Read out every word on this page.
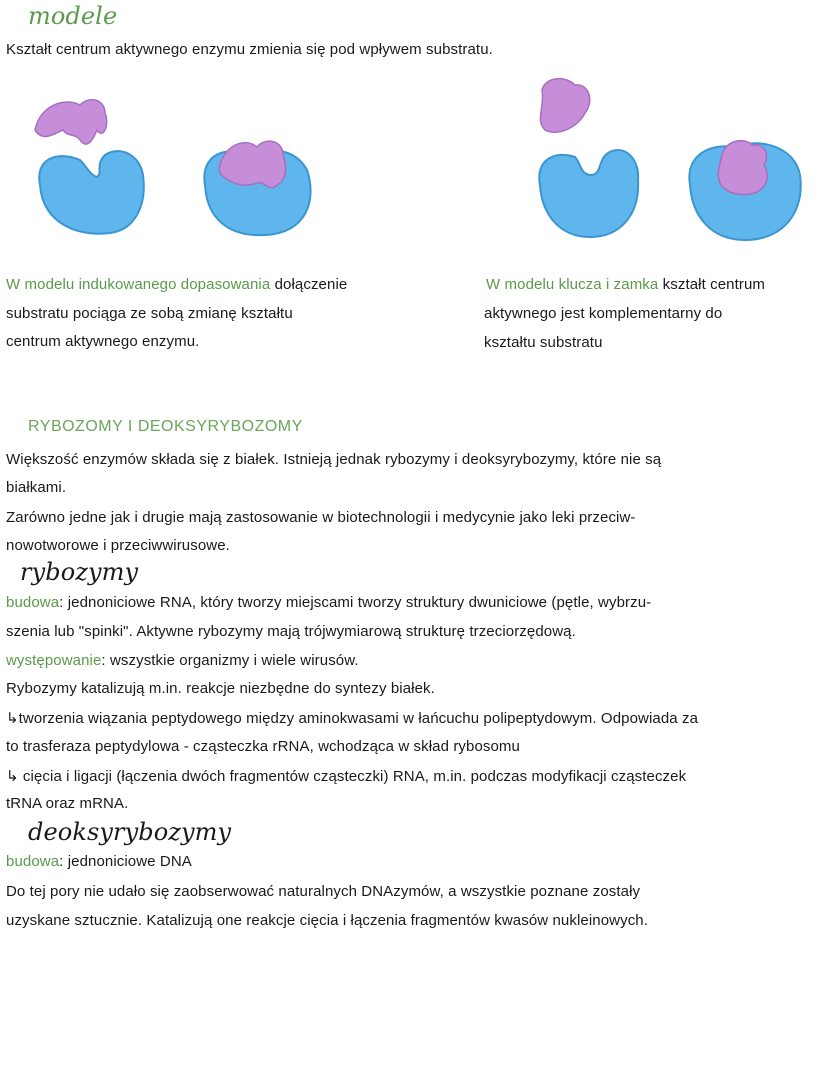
modele
Kształt centrum aktywnego enzymu zmienia się pod wpływem substratu.
W modelu indukowanego dopasowania dołączenie
substratu pociąga ze sobą zmianę kształtu
centrum aktywnego enzymu.
W modelu klucza i zamka kształt centrum
aktywnego jest komplementarny do
kształtu substratu
RYBOZOMY I DEOKSYRYBOZOMY
Większość enzymów składa się z białek. Istnieją jednak rybozymy i deoksyrybozymy, które nie są
białkami.
Zarówno jedne jak i drugie mają zastosowanie w biotechnologii i medycynie jako leki przeciw-
nowotworowe i przeciwwirusowe.
rybozymy
budowa: jednoniciowe RNA, który tworzy miejscami tworzy struktury dwuniciowe (pętle, wybrzu-
szenia lub "spinki". Aktywne rybozymy mają trójwymiarową strukturę trzeciorzędową.
występowanie: wszystkie organizmy i wiele wirusów.
Rybozymy katalizują m.in. reakcje niezbędne do syntezy białek.
↳tworzenia wiązania peptydowego między aminokwasami w łańcuchu polipeptydowym. Odpowiada za
to trasferaza peptydylowa - cząsteczka rRNA, wchodząca w skład rybosomu
↳ cięcia i ligacji (łączenia dwóch fragmentów cząsteczki) RNA, m.in. podczas modyfikacji cząsteczek
tRNA oraz mRNA.
deoksyrybozymy
budowa: jednoniciowe DNA
Do tej pory nie udało się zaobserwować naturalnych DNAzymów, a wszystkie poznane zostały
uzyskane sztucznie. Katalizują one reakcje cięcia i łączenia fragmentów kwasów nukleinowych.
